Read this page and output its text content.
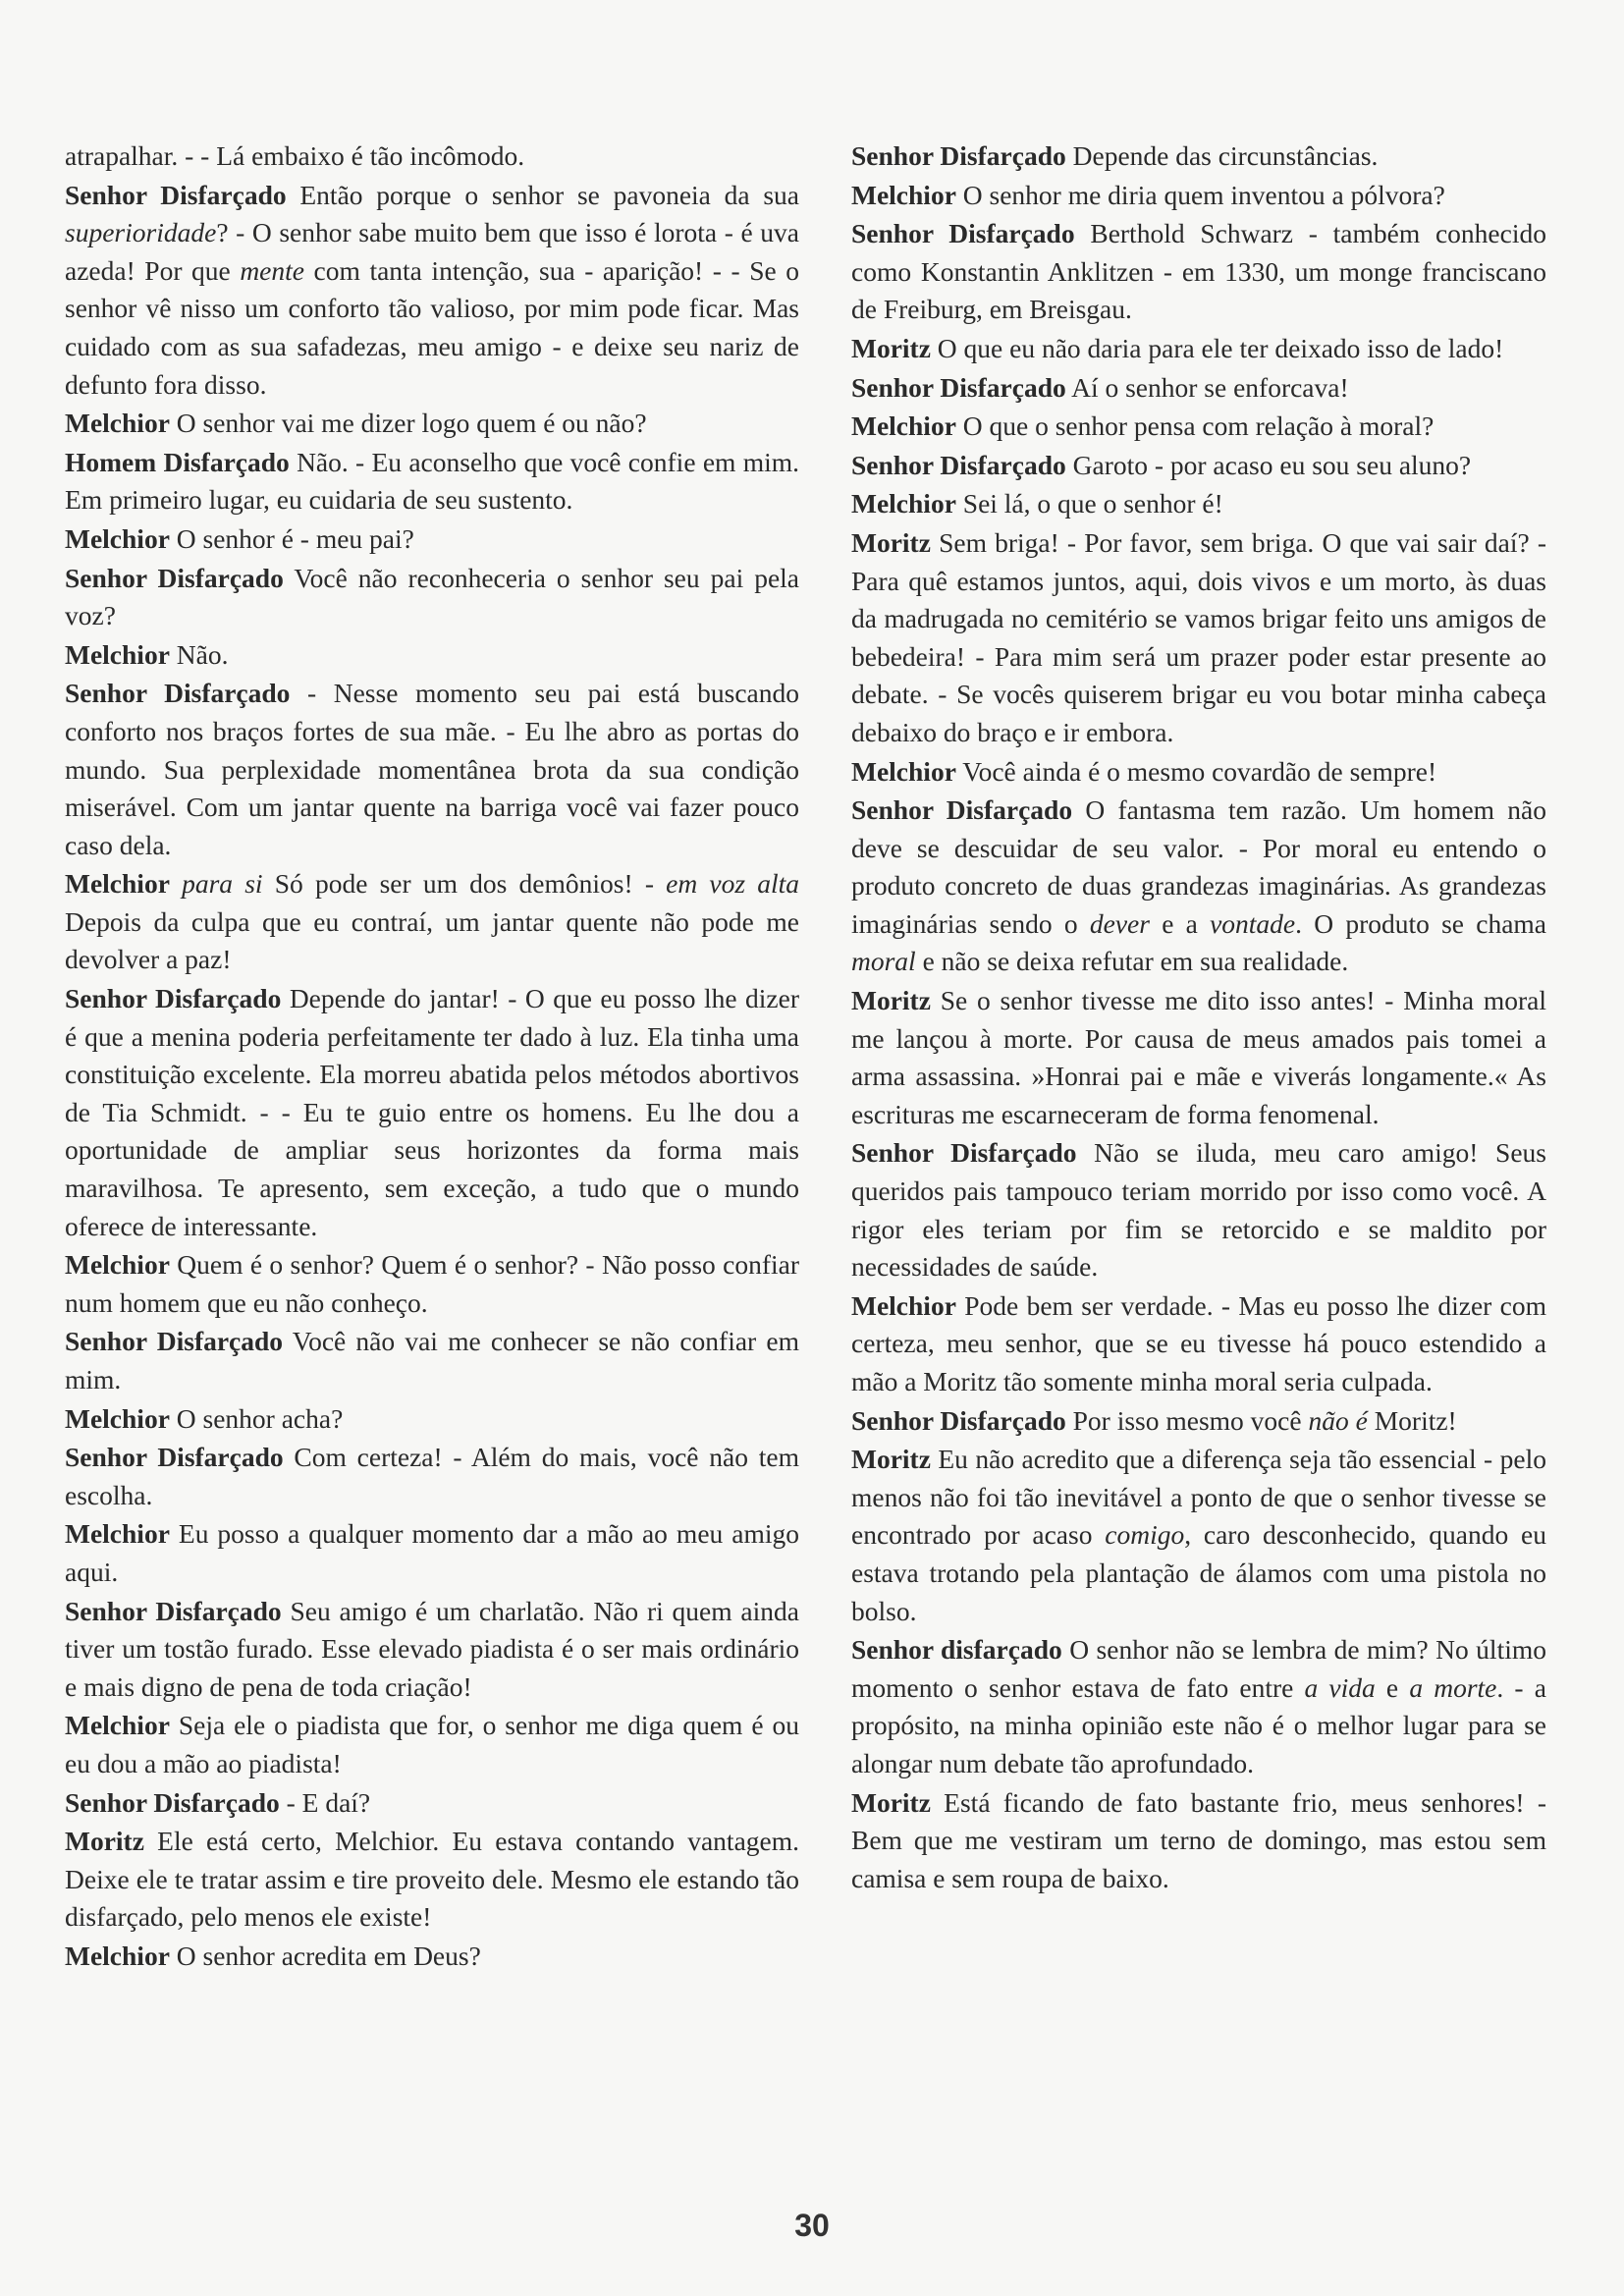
atrapalhar. - - Lá embaixo é tão incômodo.

Senhor Disfarçado Então porque o senhor se pavoneia da sua superioridade? - O senhor sabe muito bem que isso é lorota - é uva azeda! Por que mente com tanta intenção, sua - aparição! - - Se o senhor vê nisso um conforto tão valioso, por mim pode ficar. Mas cuidado com as sua safadezas, meu amigo - e deixe seu nariz de defunto fora disso.

Melchior O senhor vai me dizer logo quem é ou não?

Homem Disfarçado Não. - Eu aconselho que você confie em mim. Em primeiro lugar, eu cuidaria de seu sustento.

Melchior O senhor é - meu pai?

Senhor Disfarçado Você não reconheceria o senhor seu pai pela voz?

Melchior Não.

Senhor Disfarçado - Nesse momento seu pai está buscando conforto nos braços fortes de sua mãe. - Eu lhe abro as portas do mundo. Sua perplexidade momentânea brota da sua condição miserável. Com um jantar quente na barriga você vai fazer pouco caso dela.

Melchior para si Só pode ser um dos demônios! - em voz alta Depois da culpa que eu contraí, um jantar quente não pode me devolver a paz!

Senhor Disfarçado Depende do jantar! - O que eu posso lhe dizer é que a menina poderia perfeitamente ter dado à luz. Ela tinha uma constituição excelente. Ela morreu abatida pelos métodos abortivos de Tia Schmidt. - - Eu te guio entre os homens. Eu lhe dou a oportunidade de ampliar seus horizontes da forma mais maravilhosa. Te apresento, sem exceção, a tudo que o mundo oferece de interessante.

Melchior Quem é o senhor? Quem é o senhor? - Não posso confiar num homem que eu não conheço.

Senhor Disfarçado Você não vai me conhecer se não confiar em mim.

Melchior O senhor acha?

Senhor Disfarçado Com certeza! - Além do mais, você não tem escolha.

Melchior Eu posso a qualquer momento dar a mão ao meu amigo aqui.

Senhor Disfarçado Seu amigo é um charlatão. Não ri quem ainda tiver um tostão furado. Esse elevado piadista é o ser mais ordinário e mais digno de pena de toda criação!

Melchior Seja ele o piadista que for, o senhor me diga quem é ou eu dou a mão ao piadista!

Senhor Disfarçado - E daí?

Moritz Ele está certo, Melchior. Eu estava contando vantagem. Deixe ele te tratar assim e tire proveito dele. Mesmo ele estando tão disfarçado, pelo menos ele existe!

Melchior O senhor acredita em Deus?

Senhor Disfarçado Depende das circunstâncias.

Melchior O senhor me diria quem inventou a pólvora?

Senhor Disfarçado Berthold Schwarz - também conhecido como Konstantin Anklitzen - em 1330, um monge franciscano de Freiburg, em Breisgau.

Moritz O que eu não daria para ele ter deixado isso de lado!

Senhor Disfarçado Aí o senhor se enforcava!

Melchior O que o senhor pensa com relação à moral?

Senhor Disfarçado Garoto - por acaso eu sou seu aluno?

Melchior Sei lá, o que o senhor é!

Moritz Sem briga! - Por favor, sem briga. O que vai sair daí? - Para quê estamos juntos, aqui, dois vivos e um morto, às duas da madrugada no cemitério se vamos brigar feito uns amigos de bebedeira! - Para mim será um prazer poder estar presente ao debate. - Se vocês quiserem brigar eu vou botar minha cabeça debaixo do braço e ir embora.

Melchior Você ainda é o mesmo covardão de sempre!

Senhor Disfarçado O fantasma tem razão. Um homem não deve se descuidar de seu valor. - Por moral eu entendo o produto concreto de duas grandezas imaginárias. As grandezas imaginárias sendo o dever e a vontade. O produto se chama moral e não se deixa refutar em sua realidade.

Moritz Se o senhor tivesse me dito isso antes! - Minha moral me lançou à morte. Por causa de meus amados pais tomei a arma assassina. »Honrai pai e mãe e viverás longamente.« As escrituras me escarneceram de forma fenomenal.

Senhor Disfarçado Não se iluda, meu caro amigo! Seus queridos pais tampouco teriam morrido por isso como você. A rigor eles teriam por fim se retorcido e se maldito por necessidades de saúde.

Melchior Pode bem ser verdade. - Mas eu posso lhe dizer com certeza, meu senhor, que se eu tivesse há pouco estendido a mão a Moritz tão somente minha moral seria culpada.

Senhor Disfarçado Por isso mesmo você não é Moritz!

Moritz Eu não acredito que a diferença seja tão essencial - pelo menos não foi tão inevitável a ponto de que o senhor tivesse se encontrado por acaso comigo, caro desconhecido, quando eu estava trotando pela plantação de álamos com uma pistola no bolso.

Senhor disfarçado O senhor não se lembra de mim? No último momento o senhor estava de fato entre a vida e a morte. - a propósito, na minha opinião este não é o melhor lugar para se alongar num debate tão aprofundado.

Moritz Está ficando de fato bastante frio, meus senhores! - Bem que me vestiram um terno de domingo, mas estou sem camisa e sem roupa de baixo.

30
